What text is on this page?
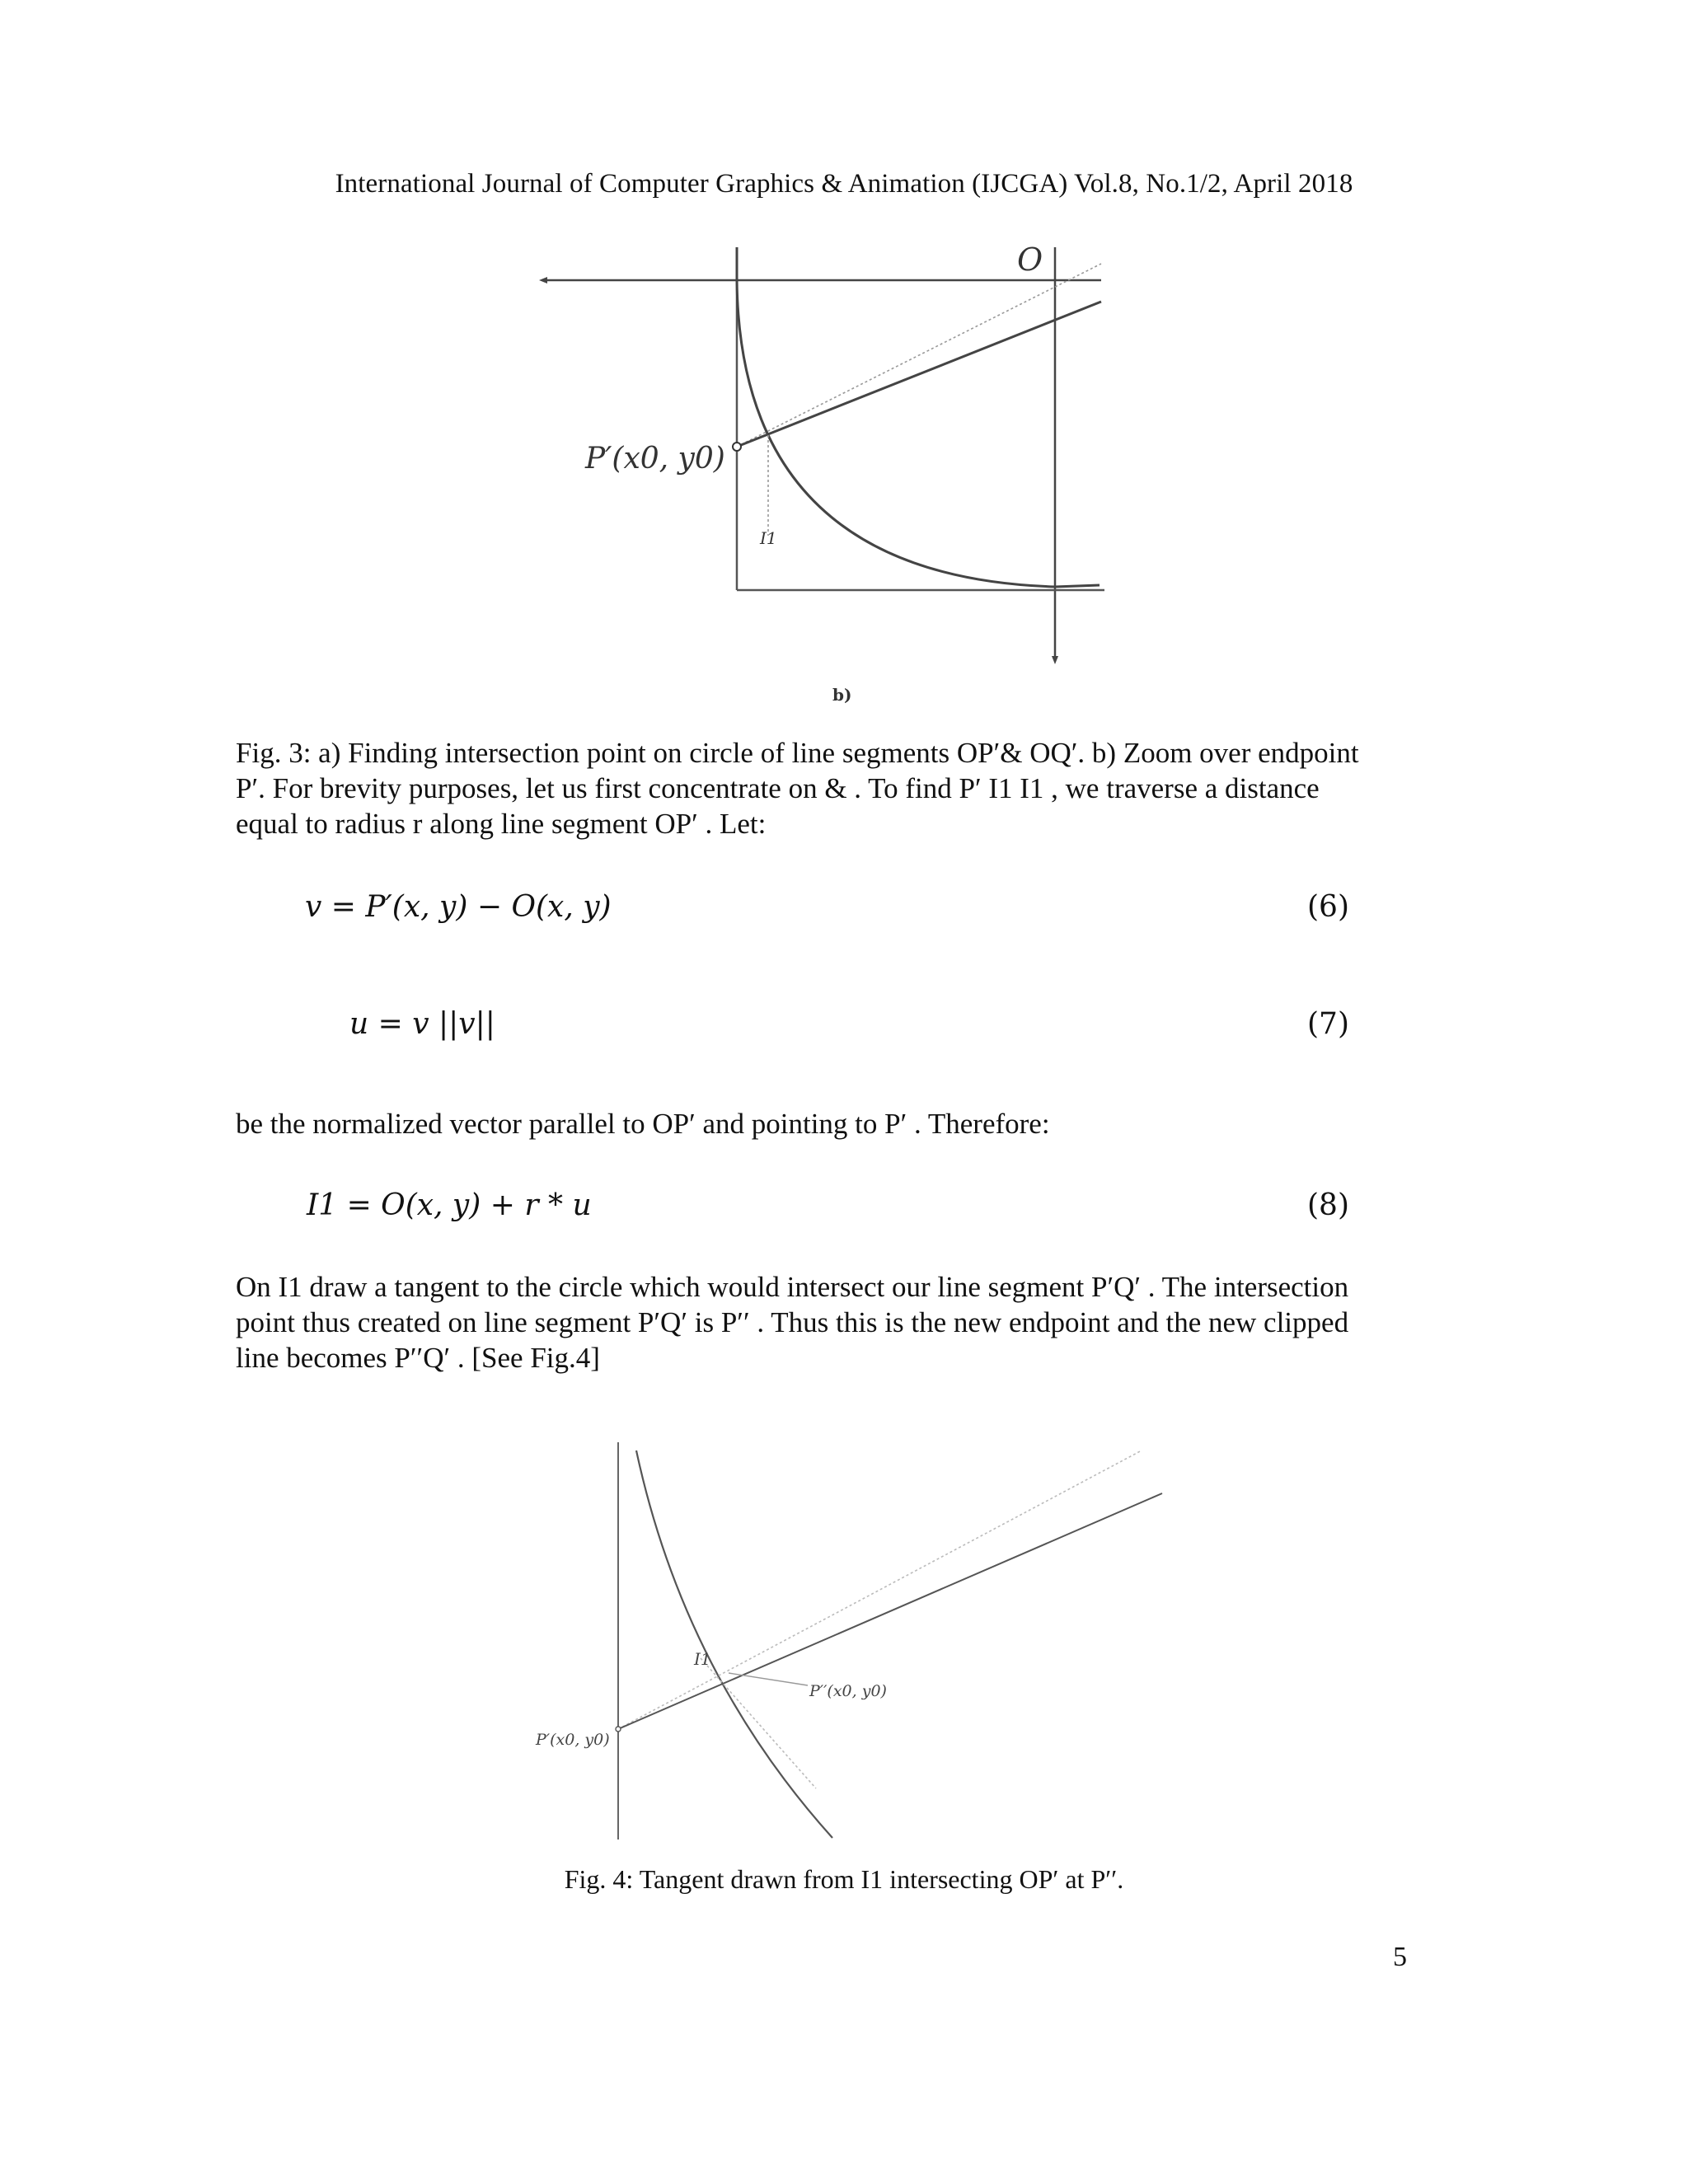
International Journal of Computer Graphics & Animation (IJCGA) Vol.8, No.1/2, April 2018
O
P′(x0, y0)
I1
b)
Fig. 3: a) Finding intersection point on circle of line segments OP′& OQ′. b) Zoom over endpoint
P′. For brevity purposes, let us first concentrate on & . To find P′ I1 I1 , we traverse a distance
equal to radius r along line segment OP′ . Let:
v = P′(x, y) − O(x, y)	(6)
u = v ||v||	(7)
be the normalized vector parallel to OP′ and pointing to P′ . Therefore:
I1 = O(x, y) + r * u	(8)
On I1 draw a tangent to the circle which would intersect our line segment P′Q′ . The intersection
point thus created on line segment P′Q′ is P′′ . Thus this is the new endpoint and the new clipped
line becomes P′′Q′ . [See Fig.4]
I1
P′′(x0, y0)
P′(x0, y0)
Fig. 4: Tangent drawn from I1 intersecting OP′ at P′′.
5
